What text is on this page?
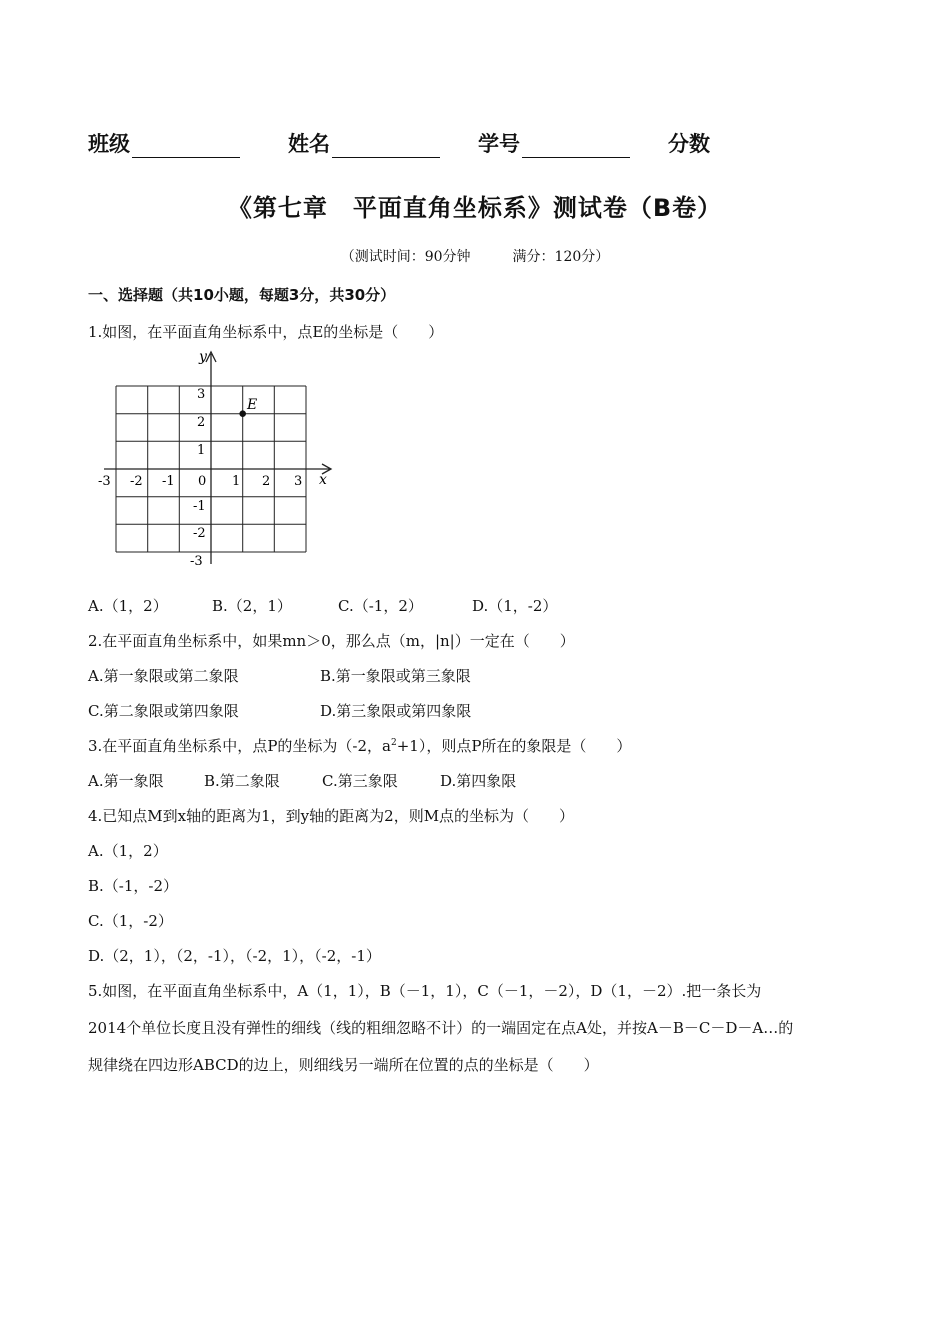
班级	姓名	学号	分数
《第七章　平面直角坐标系》测试卷（B卷）
（测试时间：90分钟　　　满分：120分）
一、选择题（共10小题，每题3分，共30分）
1.如图，在平面直角坐标系中，点E的坐标是（　　）
x
y
-3 -2 -1 0 1 2 3
3
2
1
-1
-2
-3
E
A.（1，2）	B.（2，1）	C.（-1，2）	D.（1，-2）
2.在平面直角坐标系中，如果mn＞0，那么点（m，|n|）一定在（　　）
A.第一象限或第二象限	B.第一象限或第三象限
C.第二象限或第四象限	D.第三象限或第四象限
3.在平面直角坐标系中，点P的坐标为（-2，$a^2+1$），则点P所在的象限是（　　）
A.第一象限	B.第二象限	C.第三象限	D.第四象限
4.已知点M到x轴的距离为1，到y轴的距离为2，则M点的坐标为（　　）
A.（1，2）
B.（-1，-2）
C.（1，-2）
D.（2，1），（2，-1），（-2，1），（-2，-1）
5.如图，在平面直角坐标系中，A（1，1），B（－1，1），C（－1，－2），D（1，－2）.把一条长为
2014个单位长度且没有弹性的细线（线的粗细忽略不计）的一端固定在点A处，并按A－B－C－D－A…的
规律绕在四边形ABCD的边上，则细线另一端所在位置的点的坐标是（　　）
